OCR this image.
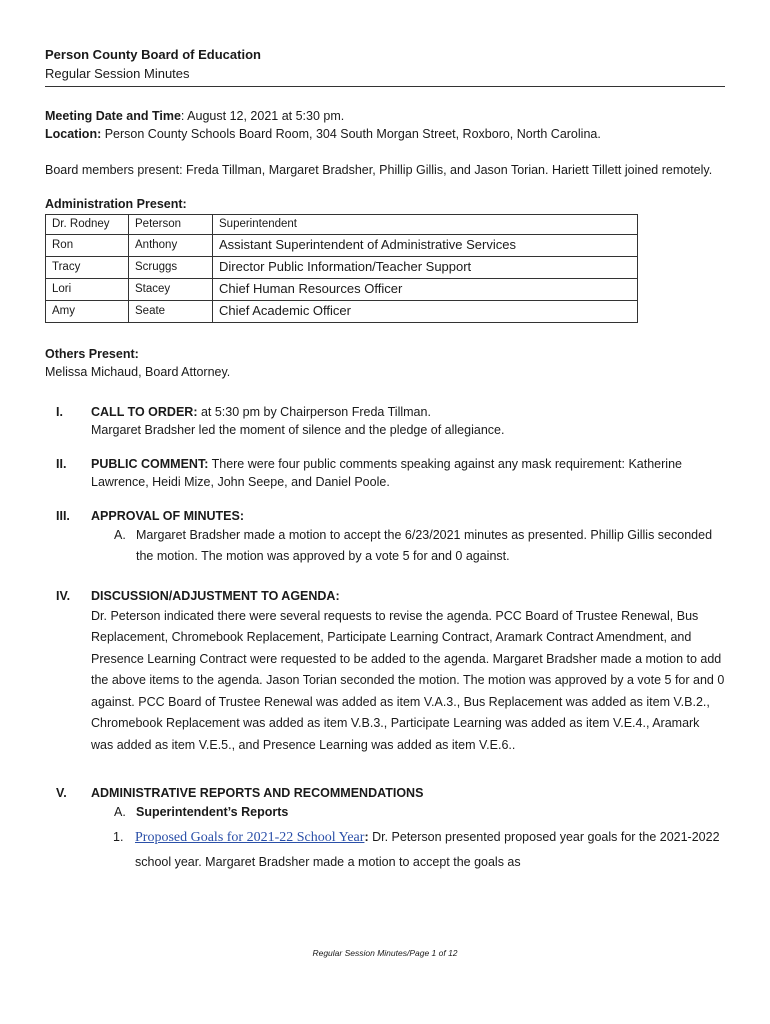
Person County Board of Education
Regular Session Minutes

Meeting Date and Time: August 12, 2021 at 5:30 pm.

Location: Person County Schools Board Room, 304 South Morgan Street, Roxboro, North Carolina.

Board members present: Freda Tillman, Margaret Bradsher, Phillip Gillis, and Jason Torian. Hariett Tillett joined remotely.

Administration Present:
Dr. Rodney	Peterson	Superintendent
Ron	Anthony	Assistant Superintendent of Administrative Services
Tracy	Scruggs	Director Public Information/Teacher Support
Lori	Stacey	Chief Human Resources Officer
Amy	Seate	Chief Academic Officer
Others Present:

Melissa Michaud, Board Attorney.

I. CALL TO ORDER: at 5:30 pm by Chairperson Freda Tillman.

Margaret Bradsher led the moment of silence and the pledge of allegiance.

II. PUBLIC COMMENT: There were four public comments speaking against any mask requirement: Katherine Lawrence, Heidi Mize, John Seepe, and Daniel Poole.

III. APPROVAL OF MINUTES:

A. Margaret Bradsher made a motion to accept the 6/23/2021 minutes as presented. Phillip Gillis seconded the motion. The motion was approved by a vote 5 for and 0 against.

IV. DISCUSSION/ADJUSTMENT TO AGENDA:

Dr. Peterson indicated there were several requests to revise the agenda. PCC Board of Trustee Renewal, Bus Replacement, Chromebook Replacement, Participate Learning Contract, Aramark Contract Amendment, and Presence Learning Contract were requested to be added to the agenda. Margaret Bradsher made a motion to add the above items to the agenda. Jason Torian seconded the motion. The motion was approved by a vote 5 for and 0 against. PCC Board of Trustee Renewal was added as item V.A.3., Bus Replacement was added as item V.B.2., Chromebook Replacement was added as item V.B.3., Participate Learning was added as item V.E.4., Aramark was added as item V.E.5., and Presence Learning was added as item V.E.6..

V. ADMINISTRATIVE REPORTS AND RECOMMENDATIONS

A. Superintendent’s Reports

1. Proposed Goals for 2021-22 School Year: Dr. Peterson presented proposed year goals for the 2021-2022 school year. Margaret Bradsher made a motion to accept the goals as

Regular Session Minutes/Page 1 of 12
